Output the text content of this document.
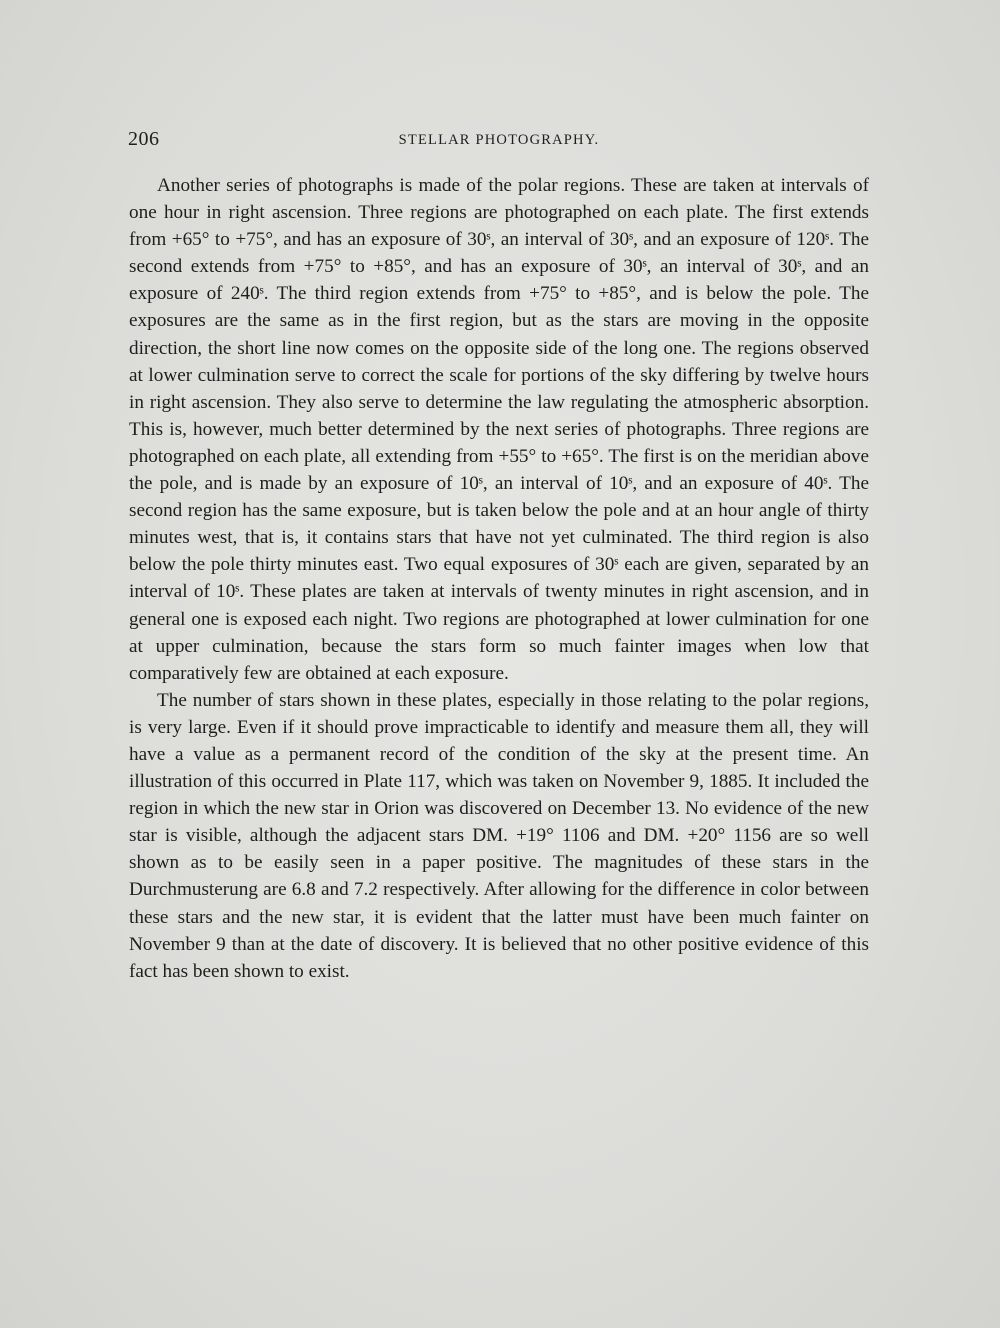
206	STELLAR PHOTOGRAPHY.

Another series of photographs is made of the polar regions. These are taken at intervals of one hour in right ascension. Three regions are photographed on each plate. The first extends from +65° to +75°, and has an exposure of 30ˢ, an interval of 30ˢ, and an exposure of 120ˢ. The second extends from +75° to +85°, and has an exposure of 30ˢ, an interval of 30ˢ, and an exposure of 240ˢ. The third region extends from +75° to +85°, and is below the pole. The exposures are the same as in the first region, but as the stars are moving in the opposite direction, the short line now comes on the opposite side of the long one. The regions observed at lower culmination serve to correct the scale for portions of the sky differing by twelve hours in right ascension. They also serve to determine the law regulating the atmospheric absorption. This is, however, much better determined by the next series of photographs. Three regions are photographed on each plate, all extending from +55° to +65°. The first is on the meridian above the pole, and is made by an exposure of 10ˢ, an interval of 10ˢ, and an exposure of 40ˢ. The second region has the same exposure, but is taken below the pole and at an hour angle of thirty minutes west, that is, it contains stars that have not yet culminated. The third region is also below the pole thirty minutes east. Two equal exposures of 30ˢ each are given, separated by an interval of 10ˢ. These plates are taken at intervals of twenty minutes in right ascension, and in general one is exposed each night. Two regions are photographed at lower culmination for one at upper culmination, because the stars form so much fainter images when low that comparatively few are obtained at each exposure.

The number of stars shown in these plates, especially in those relating to the polar regions, is very large. Even if it should prove impracticable to identify and measure them all, they will have a value as a permanent record of the condition of the sky at the present time. An illustration of this occurred in Plate 117, which was taken on November 9, 1885. It included the region in which the new star in Orion was discovered on December 13. No evidence of the new star is visible, although the adjacent stars DM. +19° 1106 and DM. +20° 1156 are so well shown as to be easily seen in a paper positive. The magnitudes of these stars in the Durchmusterung are 6.8 and 7.2 respectively. After allowing for the difference in color between these stars and the new star, it is evident that the latter must have been much fainter on November 9 than at the date of discovery. It is believed that no other positive evidence of this fact has been shown to exist.
